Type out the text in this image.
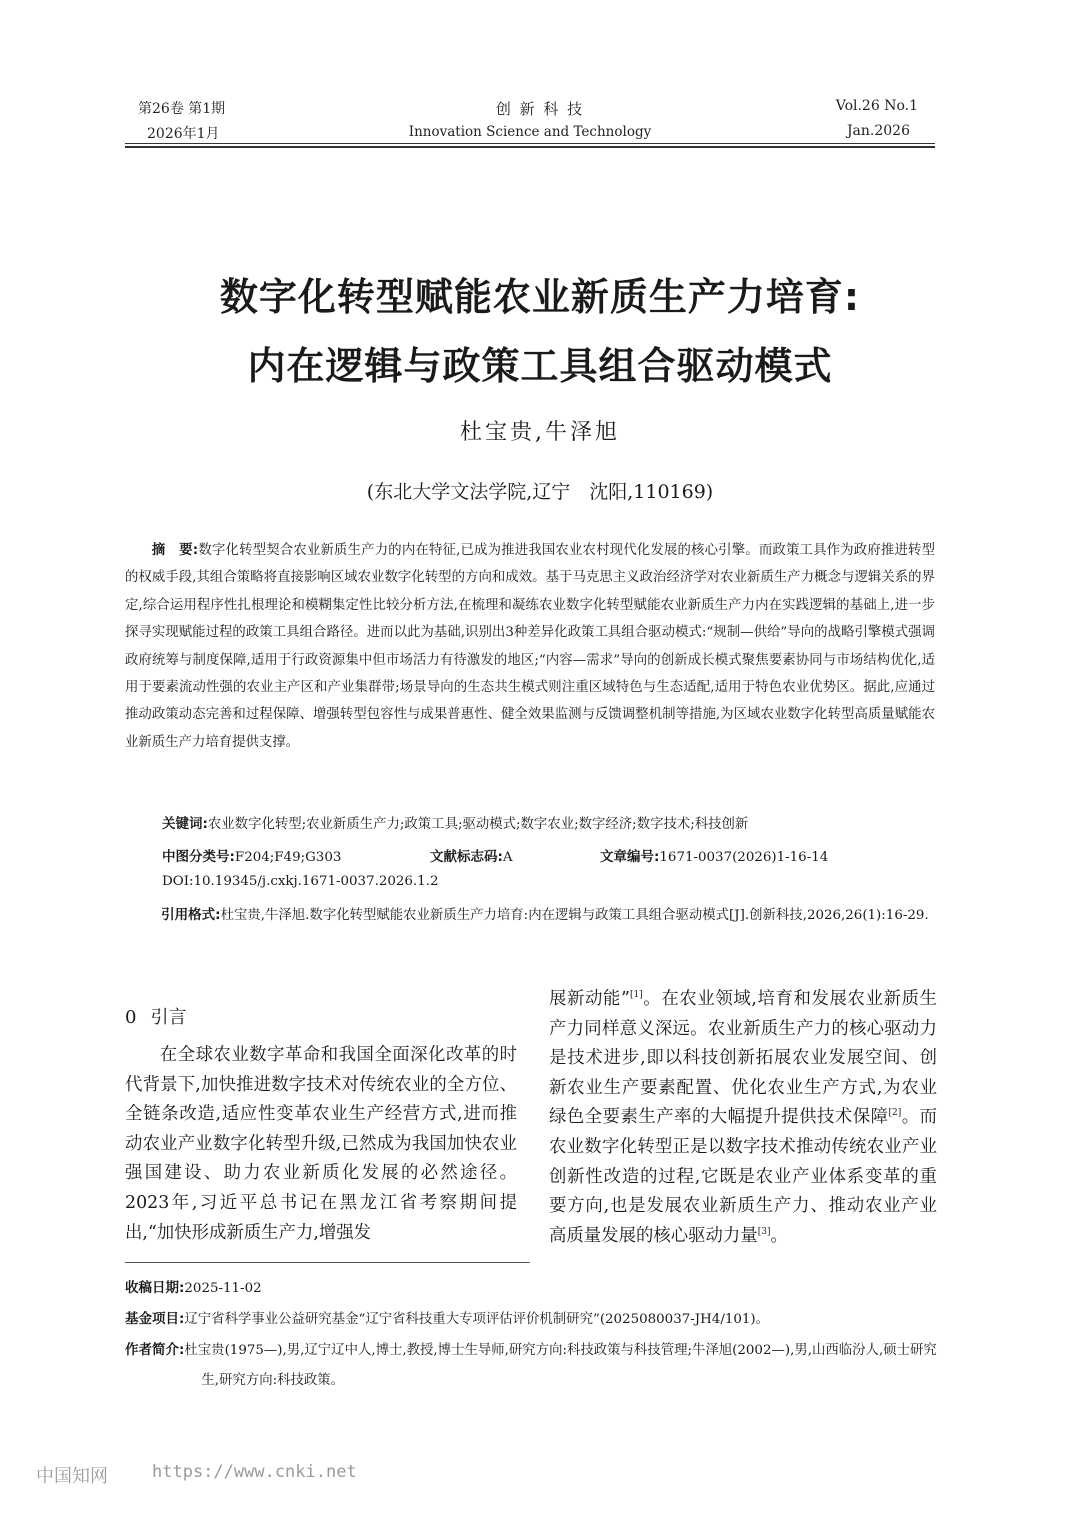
第26卷 第1期
2026年1月
创 新 科 技
Innovation Science and Technology
Vol.26 No.1
Jan.2026
数字化转型赋能农业新质生产力培育:
内在逻辑与政策工具组合驱动模式
杜宝贵,牛泽旭
(东北大学文法学院,辽宁　沈阳,110169)

摘　要:数字化转型契合农业新质生产力的内在特征,已成为推进我国农业农村现代化发展的核心引擎。而政策工具作为政府推进转型的权威手段,其组合策略将直接影响区域农业数字化转型的方向和成效。基于马克思主义政治经济学对农业新质生产力概念与逻辑关系的界定,综合运用程序性扎根理论和模糊集定性比较分析方法,在梳理和凝练农业数字化转型赋能农业新质生产力内在实践逻辑的基础上,进一步探寻实现赋能过程的政策工具组合路径。进而以此为基础,识别出3种差异化政策工具组合驱动模式:“规制—供给”导向的战略引擎模式强调政府统筹与制度保障,适用于行政资源集中但市场活力有待激发的地区;“内容—需求”导向的创新成长模式聚焦要素协同与市场结构优化,适用于要素流动性强的农业主产区和产业集群带;场景导向的生态共生模式则注重区域特色与生态适配,适用于特色农业优势区。据此,应通过推动政策动态完善和过程保障、增强转型包容性与成果普惠性、健全效果监测与反馈调整机制等措施,为区域农业数字化转型高质量赋能农业新质生产力培育提供支撑。

关键词:农业数字化转型;农业新质生产力;政策工具;驱动模式;数字农业;数字经济;数字技术;科技创新
中图分类号:F204;F49;G303	文献标志码:A	文章编号:1671-0037(2026)1-16-14
DOI:10.19345/j.cxkj.1671-0037.2026.1.2

引用格式:杜宝贵,牛泽旭.数字化转型赋能农业新质生产力培育:内在逻辑与政策工具组合驱动模式[J].创新科技,2026,26(1):16-29.

0 引言

在全球农业数字革命和我国全面深化改革的时代背景下,加快推进数字技术对传统农业的全方位、全链条改造,适应性变革农业生产经营方式,进而推动农业产业数字化转型升级,已然成为我国加快农业强国建设、助力农业新质化发展的必然途径。2023年,习近平总书记在黑龙江省考察期间提出,“加快形成新质生产力,增强发

展新动能”[1]。在农业领域,培育和发展农业新质生产力同样意义深远。农业新质生产力的核心驱动力是技术进步,即以科技创新拓展农业发展空间、创新农业生产要素配置、优化农业生产方式,为农业绿色全要素生产率的大幅提升提供技术保障[2]。而农业数字化转型正是以数字技术推动传统农业产业创新性改造的过程,它既是农业产业体系变革的重要方向,也是发展农业新质生产力、推动农业产业高质量发展的核心驱动力量[3]。

收稿日期:2025-11-02

基金项目:辽宁省科学事业公益研究基金“辽宁省科技重大专项评估评价机制研究”(2025080037-JH4/101)。

作者简介:杜宝贵(1975—),男,辽宁辽中人,博士,教授,博士生导师,研究方向:科技政策与科技管理;牛泽旭(2002—),男,山西临汾人,硕士研究生,研究方向:科技政策。

中国知网	https://www.cnki.net
